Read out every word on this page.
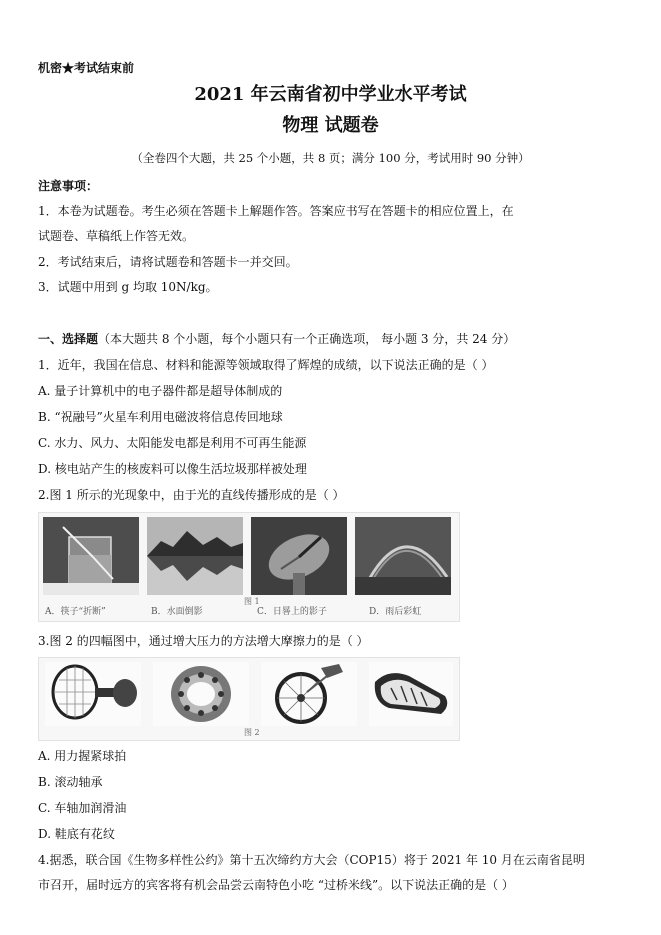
机密★考试结束前
2021 年云南省初中学业水平考试
物理 试题卷
（全卷四个大题，共 25 个小题，共 8 页；满分 100 分，考试用时 90 分钟）
注意事项：
1．本卷为试题卷。考生必须在答题卡上解题作答。答案应书写在答题卡的相应位置上，在
试题卷、草稿纸上作答无效。
2．考试结束后，请将试题卷和答题卡一并交回。
3．试题中用到 g 均取 10N/kg。
一、选择题（本大题共 8 个小题，每个小题只有一个正确选项， 每小题 3 分，共 24 分）
1．近年，我国在信息、材料和能源等领域取得了辉煌的成绩，以下说法正确的是（ ）
A. 量子计算机中的电子器件都是超导体制成的
B. “祝融号”火星车利用电磁波将信息传回地球
C. 水力、风力、太阳能发电都是利用不可再生能源
D. 核电站产生的核废料可以像生活垃圾那样被处理
2.图 1 所示的光现象中，由于光的直线传播形成的是（ ）
图 1
A．筷子“折断”	B．水面倒影	C．日晷上的影子	D．雨后彩虹
3.图 2 的四幅图中，通过增大压力的方法增大摩擦力的是（ ）
图 2
A. 用力握紧球拍
B. 滚动轴承
C. 车轴加润滑油
D. 鞋底有花纹
4.据悉，联合国《生物多样性公约》第十五次缔约方大会（COP15）将于 2021 年 10 月在云南省昆明
市召开，届时远方的宾客将有机会品尝云南特色小吃 “过桥米线”。以下说法正确的是（ ）
